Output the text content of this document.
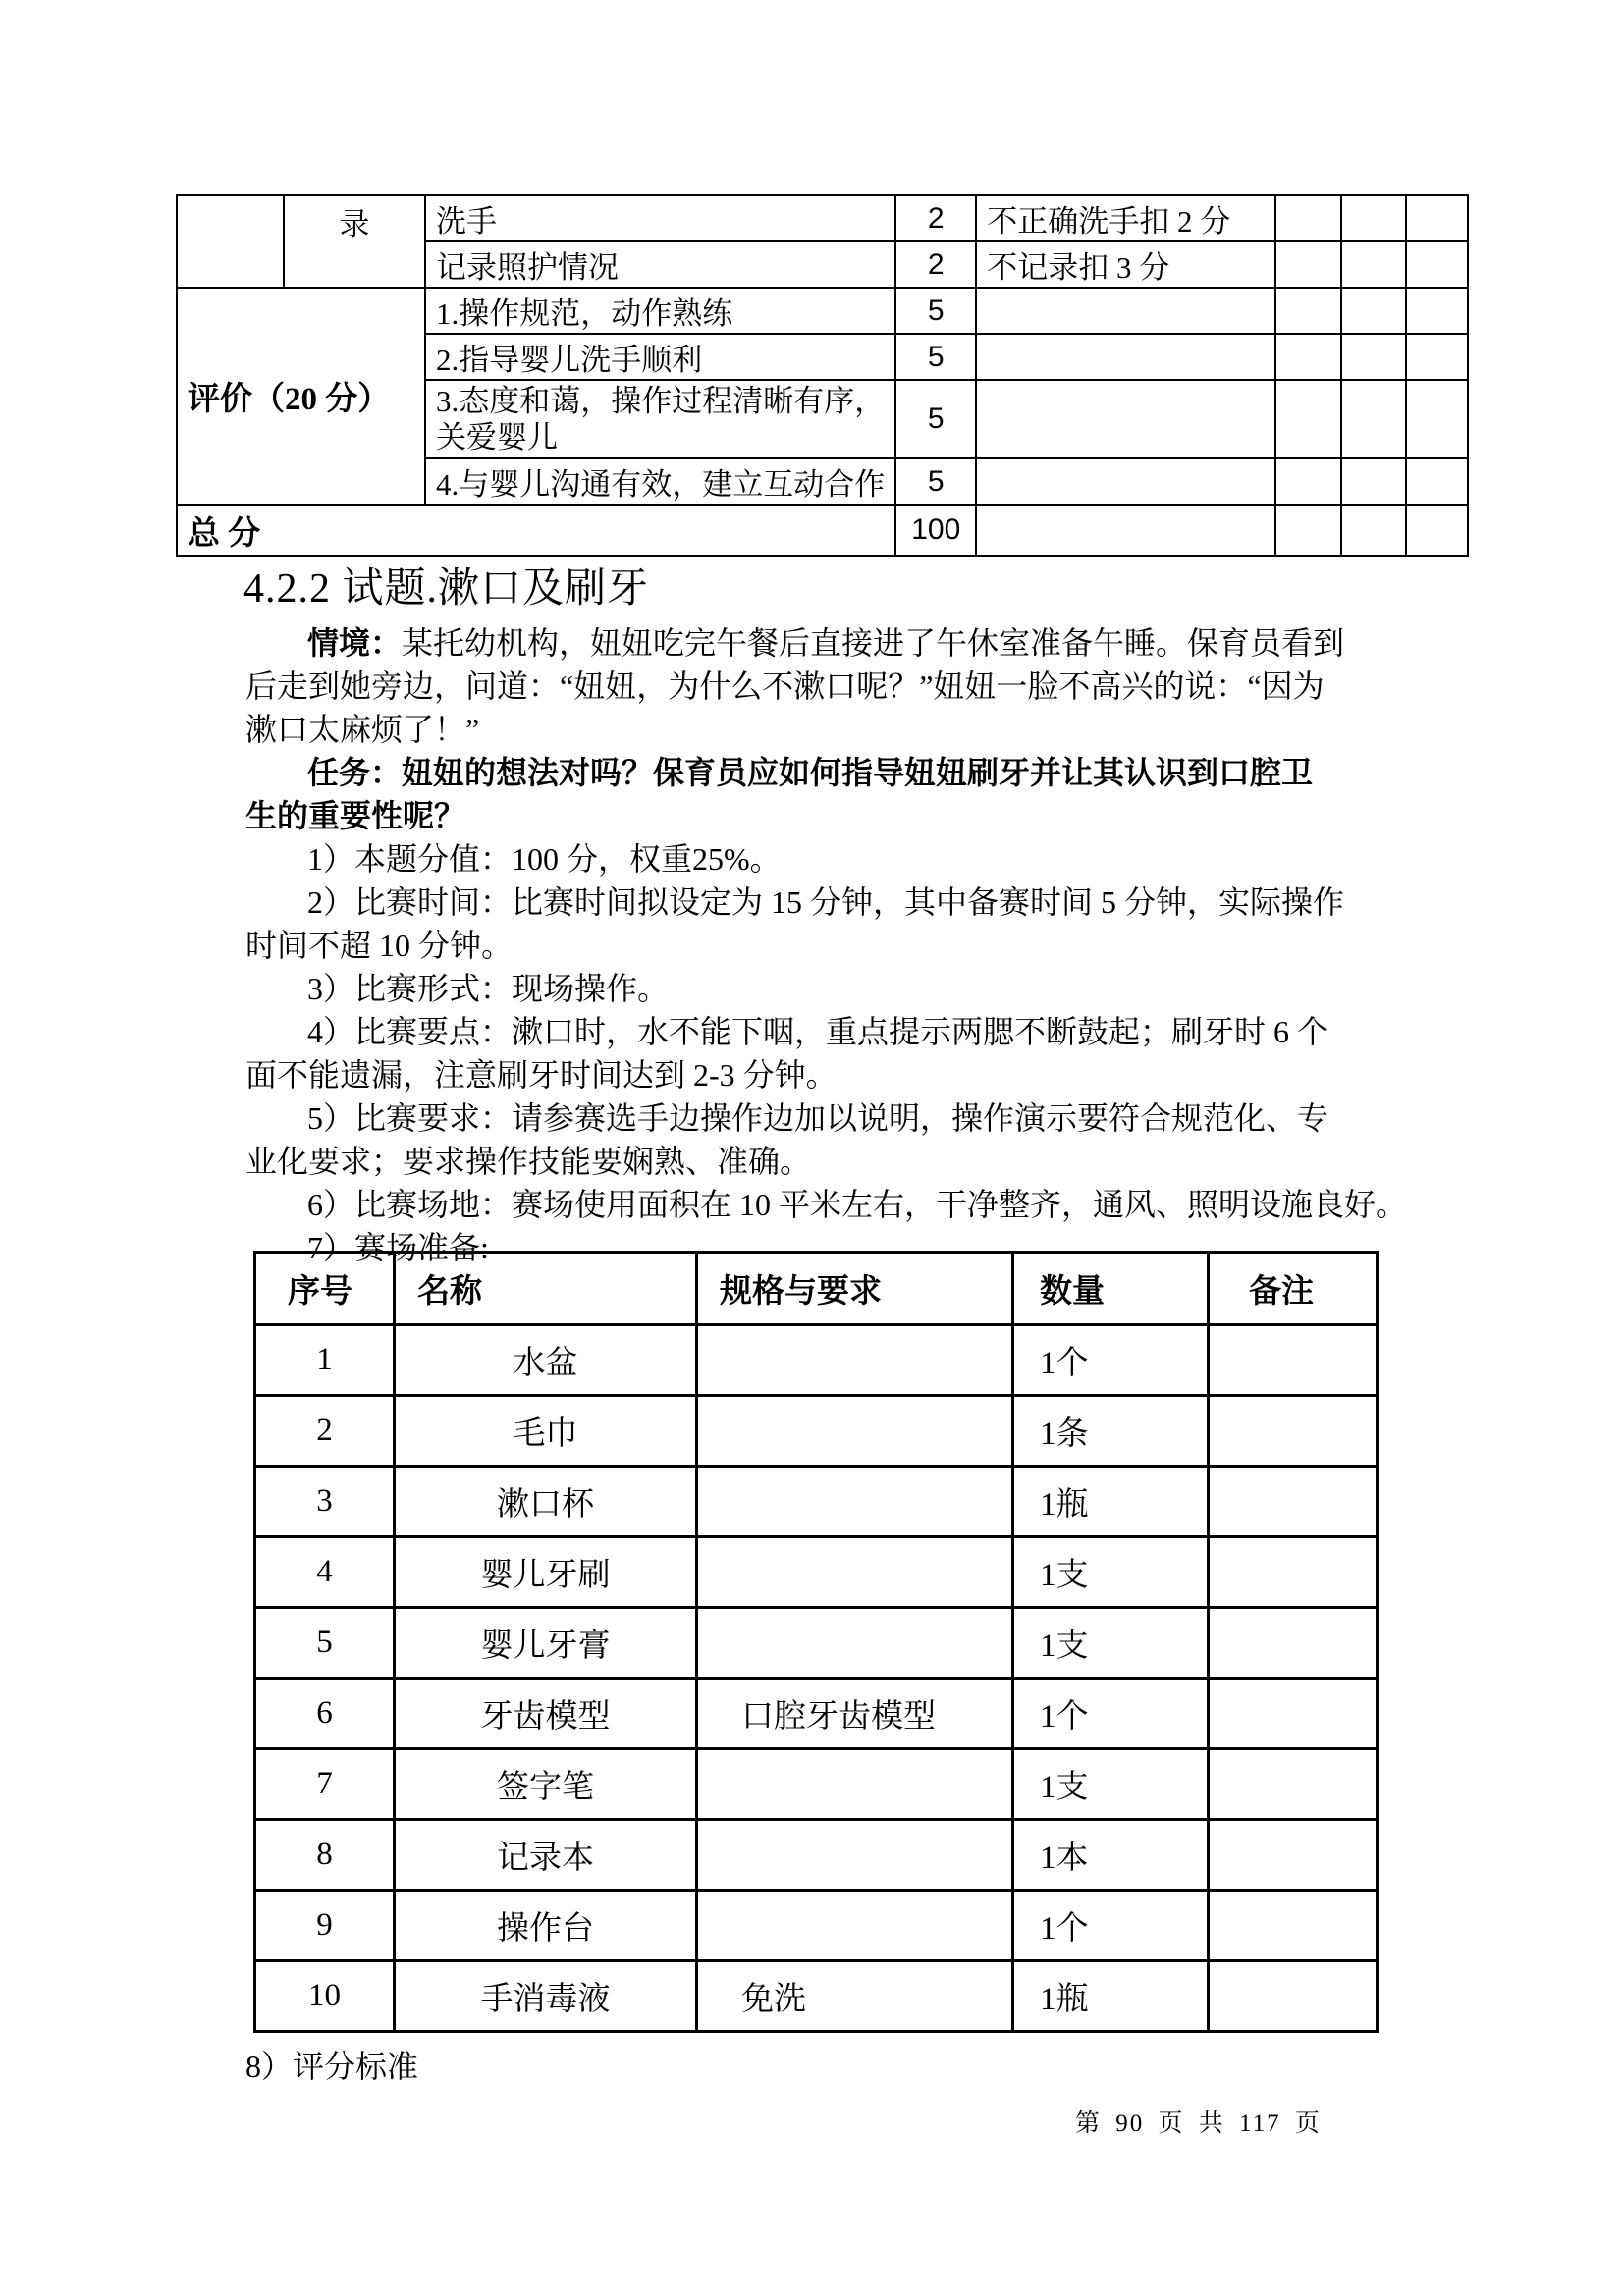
	录	洗手	2	不正确洗手扣 2 分			
		记录照护情况	2	不记录扣 3 分			
评价（20 分）		1.操作规范，动作熟练	5				
		2.指导婴儿洗手顺利	5				
		3.态度和蔼，操作过程清晰有序，关爱婴儿	5				
		4.与婴儿沟通有效，建立互动合作	5				
总 分			100				
4.2.2 试题.漱口及刷牙
情境：某托幼机构，妞妞吃完午餐后直接进了午休室准备午睡。保育员看到
后走到她旁边，问道：“妞妞，为什么不漱口呢？”妞妞一脸不高兴的说：“因为
漱口太麻烦了！”
任务：妞妞的想法对吗？保育员应如何指导妞妞刷牙并让其认识到口腔卫
生的重要性呢？
1）本题分值：100 分，权重25%。
2）比赛时间：比赛时间拟设定为 15 分钟，其中备赛时间 5 分钟，实际操作
时间不超 10 分钟。
3）比赛形式：现场操作。
4）比赛要点：漱口时，水不能下咽，重点提示两腮不断鼓起；刷牙时 6 个
面不能遗漏，注意刷牙时间达到 2-3 分钟。
5）比赛要求：请参赛选手边操作边加以说明，操作演示要符合规范化、专
业化要求；要求操作技能要娴熟、准确。
6）比赛场地：赛场使用面积在 10 平米左右，干净整齐，通风、照明设施良好。
7）赛场准备:
序号	名称	规格与要求	数量	备注
1	水盆		1个	
2	毛巾		1条	
3	漱口杯		1瓶	
4	婴儿牙刷		1支	
5	婴儿牙膏		1支	
6	牙齿模型	口腔牙齿模型	1个	
7	签字笔		1支	
8	记录本		1本	
9	操作台		1个	
10	手消毒液	免洗	1瓶	
8）评分标准
第 90 页 共 117 页
